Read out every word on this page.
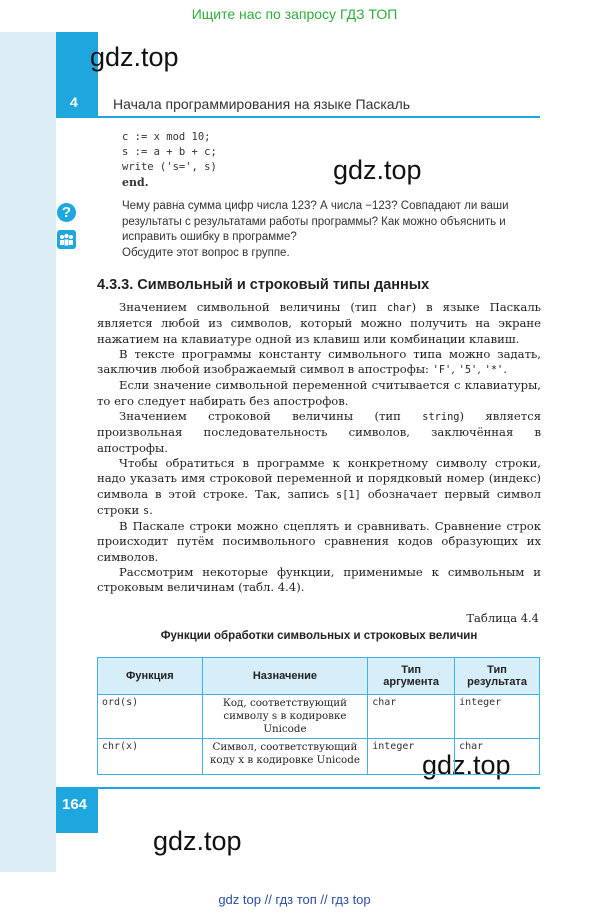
Ищите нас по запросу ГДЗ ТОП
4	Начала программирования на языке Паскаль
gdz.top
gdz.top
gdz.top
gdz.top
c := x mod 10;
s := a + b + c;
write ('s=', s)
end.
?	Чему равна сумма цифр числа 123? А числа −123? Совпадают ли ваши результаты с результатами работы программы? Как можно объяснить и исправить ошибку в программе?
Обсудите этот вопрос в группе.
4.3.3. Символьный и строковый типы данных

Значением символьной величины (тип char) в языке Паскаль является любой из символов, который можно получить на экране нажатием на клавиатуре одной из клавиш или комбинации клавиш.

В тексте программы константу символьного типа можно задать, заключив любой изображаемый символ в апострофы: 'F', '5', '*'.

Если значение символьной переменной считывается с клавиатуры, то его следует набирать без апострофов.

Значением строковой величины (тип string) является произвольная последовательность символов, заключённая в апострофы.

Чтобы обратиться в программе к конкретному символу строки, надо указать имя строковой переменной и порядковый номер (индекс) символа в этой строке. Так, запись s[1] обозначает первый символ строки s.

В Паскале строки можно сцеплять и сравнивать. Сравнение строк происходит путём посимвольного сравнения кодов образующих их символов.

Рассмотрим некоторые функции, применимые к символьным и строковым величинам (табл. 4.4).

Таблица 4.4
Функции обработки символьных и строковых величин
Функция	Назначение	Тип аргумента	Тип результата
ord(s)	Код, соответствующий символу s в кодировке Unicode	char	integer
chr(x)	Символ, соответствующий коду x в кодировке Unicode	integer	char
164
gdz top // гдз топ // гдз top
